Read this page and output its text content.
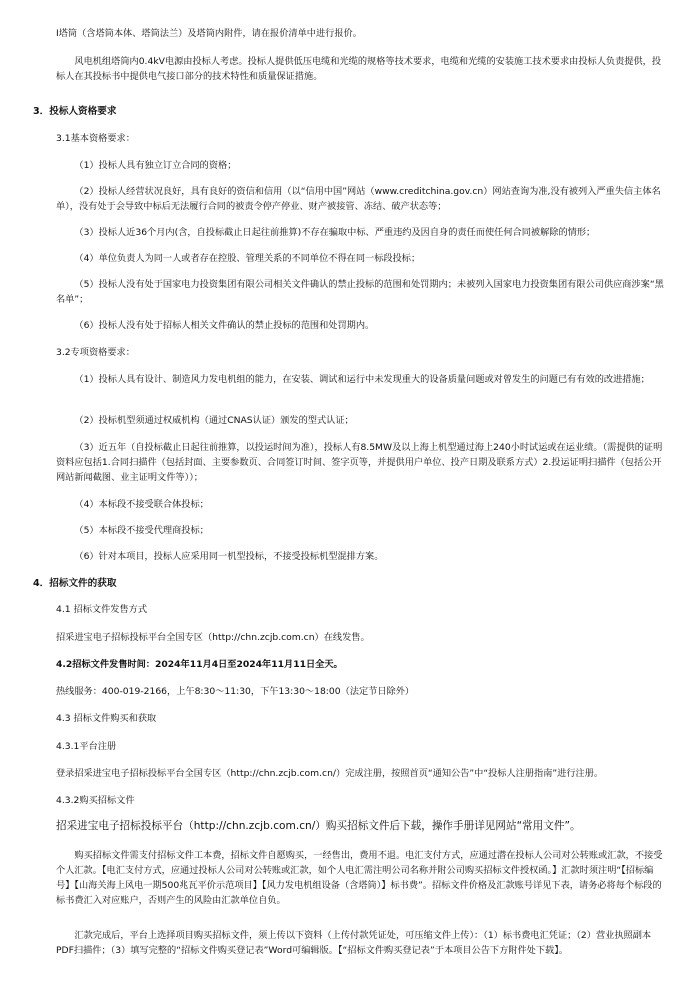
I塔筒（含塔筒本体、塔筒法兰）及塔筒内附件，请在报价清单中进行报价。

风电机组塔筒内0.4kV电源由投标人考虑。投标人提供低压电缆和光缆的规格等技术要求，电缆和光缆的安装施工技术要求由投标人负责提供，投标人在其投标书中提供电气接口部分的技术特性和质量保证措施。

3．投标人资格要求

3.1基本资格要求：

（1）投标人具有独立订立合同的资格；

（2）投标人经营状况良好，具有良好的资信和信用（以“信用中国”网站（www.creditchina.gov.cn）网站查询为准,没有被列入严重失信主体名单），没有处于会导致中标后无法履行合同的被责令停产停业、财产被接管、冻结、破产状态等；

（3）投标人近36个月内(含，自投标截止日起往前推算)不存在骗取中标、严重违约及因自身的责任而使任何合同被解除的情形；

（4）单位负责人为同一人或者存在控股、管理关系的不同单位不得在同一标段投标；

（5）投标人没有处于国家电力投资集团有限公司相关文件确认的禁止投标的范围和处罚期内；未被列入国家电力投资集团有限公司供应商涉案“黑名单”；

（6）投标人没有处于招标人相关文件确认的禁止投标的范围和处罚期内。

3.2专项资格要求：

（1）投标人具有设计、制造风力发电机组的能力，在安装、调试和运行中未发现重大的设备质量问题或对曾发生的问题已有有效的改进措施；

（2）投标机型须通过权威机构（通过CNAS认证）颁发的型式认证；

（3）近五年（自投标截止日起往前推算，以投运时间为准），投标人有8.5MW及以上海上机型通过海上240小时试运或在运业绩。（需提供的证明资料应包括1.合同扫描件（包括封面、主要参数页、合同签订时间、签字页等，并提供用户单位、投产日期及联系方式）2.投运证明扫描件（包括公开网站新闻截图、业主证明文件等））；

（4）本标段不接受联合体投标；

（5）本标段不接受代理商投标；

（6）针对本项目，投标人应采用同一机型投标，不接受投标机型混排方案。

4．招标文件的获取

4.1 招标文件发售方式

招采进宝电子招标投标平台全国专区（http://chn.zcjb.com.cn）在线发售。

4.2招标文件发售时间：2024年11月4日至2024年11月11日全天。

热线服务：400-019-2166，上午8:30～11:30，下午13:30～18:00（法定节日除外）

4.3 招标文件购买和获取

4.3.1平台注册

登录招采进宝电子招标投标平台全国专区（http://chn.zcjb.com.cn/）完成注册，按照首页“通知公告”中“投标人注册指南”进行注册。

4.3.2购买招标文件

招采进宝电子招标投标平台（http://chn.zcjb.com.cn/）购买招标文件后下载，操作手册详见网站“常用文件”。

购买招标文件需支付招标文件工本费，招标文件自愿购买，一经售出，费用不退。电汇支付方式，应通过潜在投标人公司对公转账或汇款，不接受个人汇款。【电汇支付方式，应通过投标人公司对公转账或汇款，如个人电汇需注明公司名称并附公司购买招标文件授权函。】汇款时须注明“【招标编号】【山海关海上风电一期500兆瓦平价示范项目】【风力发电机组设备（含塔筒）】标书费”。招标文件价格及汇款账号详见下表，请务必将每个标段的标书费汇入对应账户，否则产生的风险由汇款单位自负。

汇款完成后，平台上选择项目购买招标文件，须上传以下资料（上传付款凭证处，可压缩文件上传）：（1）标书费电汇凭证；（2）营业执照副本PDF扫描件；（3）填写完整的“招标文件购买登记表”Word可编辑版。【“招标文件购买登记表”于本项目公告下方附件处下载】。
